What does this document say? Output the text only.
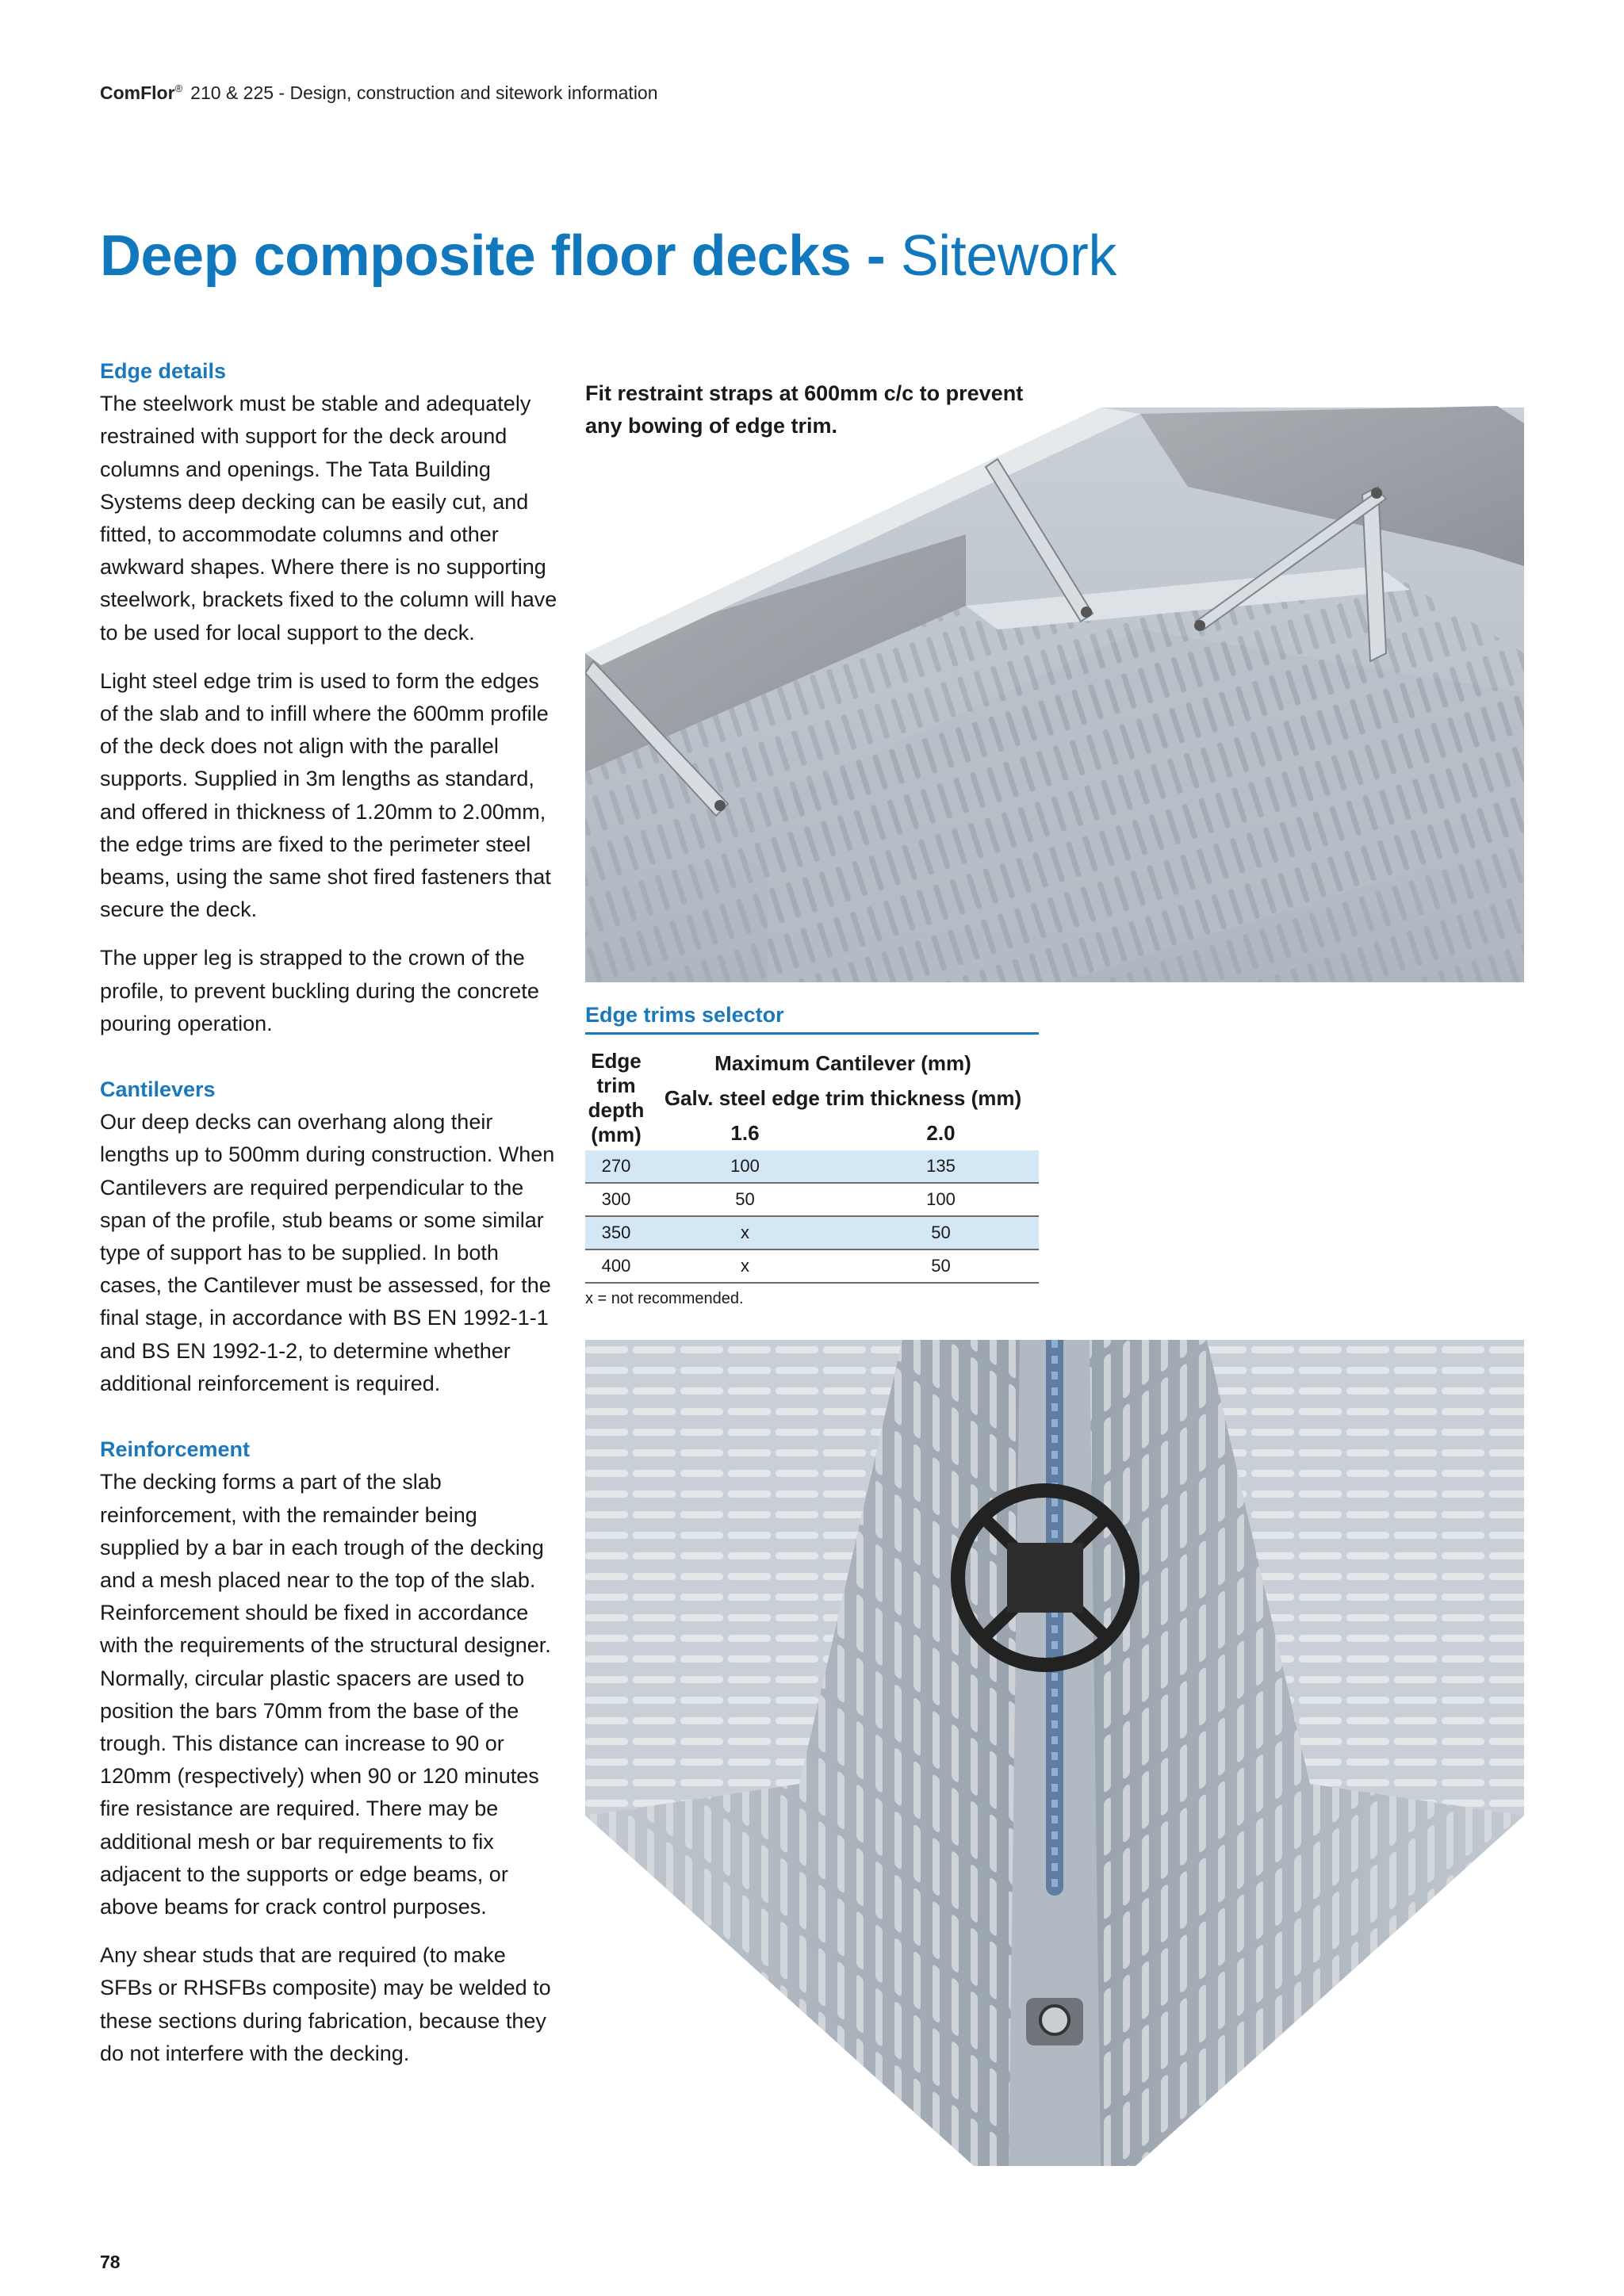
ComFlor® 210 & 225 - Design, construction and sitework information
Deep composite floor decks - Sitework
Edge details

The steelwork must be stable and adequately restrained with support for the deck around columns and openings. The Tata Building Systems deep decking can be easily cut, and fitted, to accommodate columns and other awkward shapes. Where there is no supporting steelwork, brackets fixed to the column will have to be used for local support to the deck.

Light steel edge trim is used to form the edges of the slab and to infill where the 600mm profile of the deck does not align with the parallel supports. Supplied in 3m lengths as standard, and offered in thickness of 1.20mm to 2.00mm, the edge trims are fixed to the perimeter steel beams, using the same shot fired fasteners that secure the deck.

The upper leg is strapped to the crown of the profile, to prevent buckling during the concrete pouring operation.

Cantilevers

Our deep decks can overhang along their lengths up to 500mm during construction. When Cantilevers are required perpendicular to the span of the profile, stub beams or some similar type of support has to be supplied. In both cases, the Cantilever must be assessed, for the final stage, in accordance with BS EN 1992-1-1 and BS EN 1992-1-2, to determine whether additional reinforcement is required.

Reinforcement

The decking forms a part of the slab reinforcement, with the remainder being supplied by a bar in each trough of the decking and a mesh placed near to the top of the slab. Reinforcement should be fixed in accordance with the requirements of the structural designer. Normally, circular plastic spacers are used to position the bars 70mm from the base of the trough. This distance can increase to 90 or 120mm (respectively) when 90 or 120 minutes fire resistance are required. There may be additional mesh or bar requirements to fix adjacent to the supports or edge beams, or above beams for crack control purposes.

Any shear studs that are required (to make SFBs or RHSFBs composite) may be welded to these sections during fabrication, because they do not interfere with the decking.

Fit restraint straps at 600mm c/c to prevent any bowing of edge trim.
Edge trims selector
Edge trim depth (mm)	Maximum Cantilever (mm)	
	Galv. steel edge trim thickness (mm)	
	1.6	2.0
270	100	135
300	50	100
350	x	50
400	x	50
x = not recommended.
78
